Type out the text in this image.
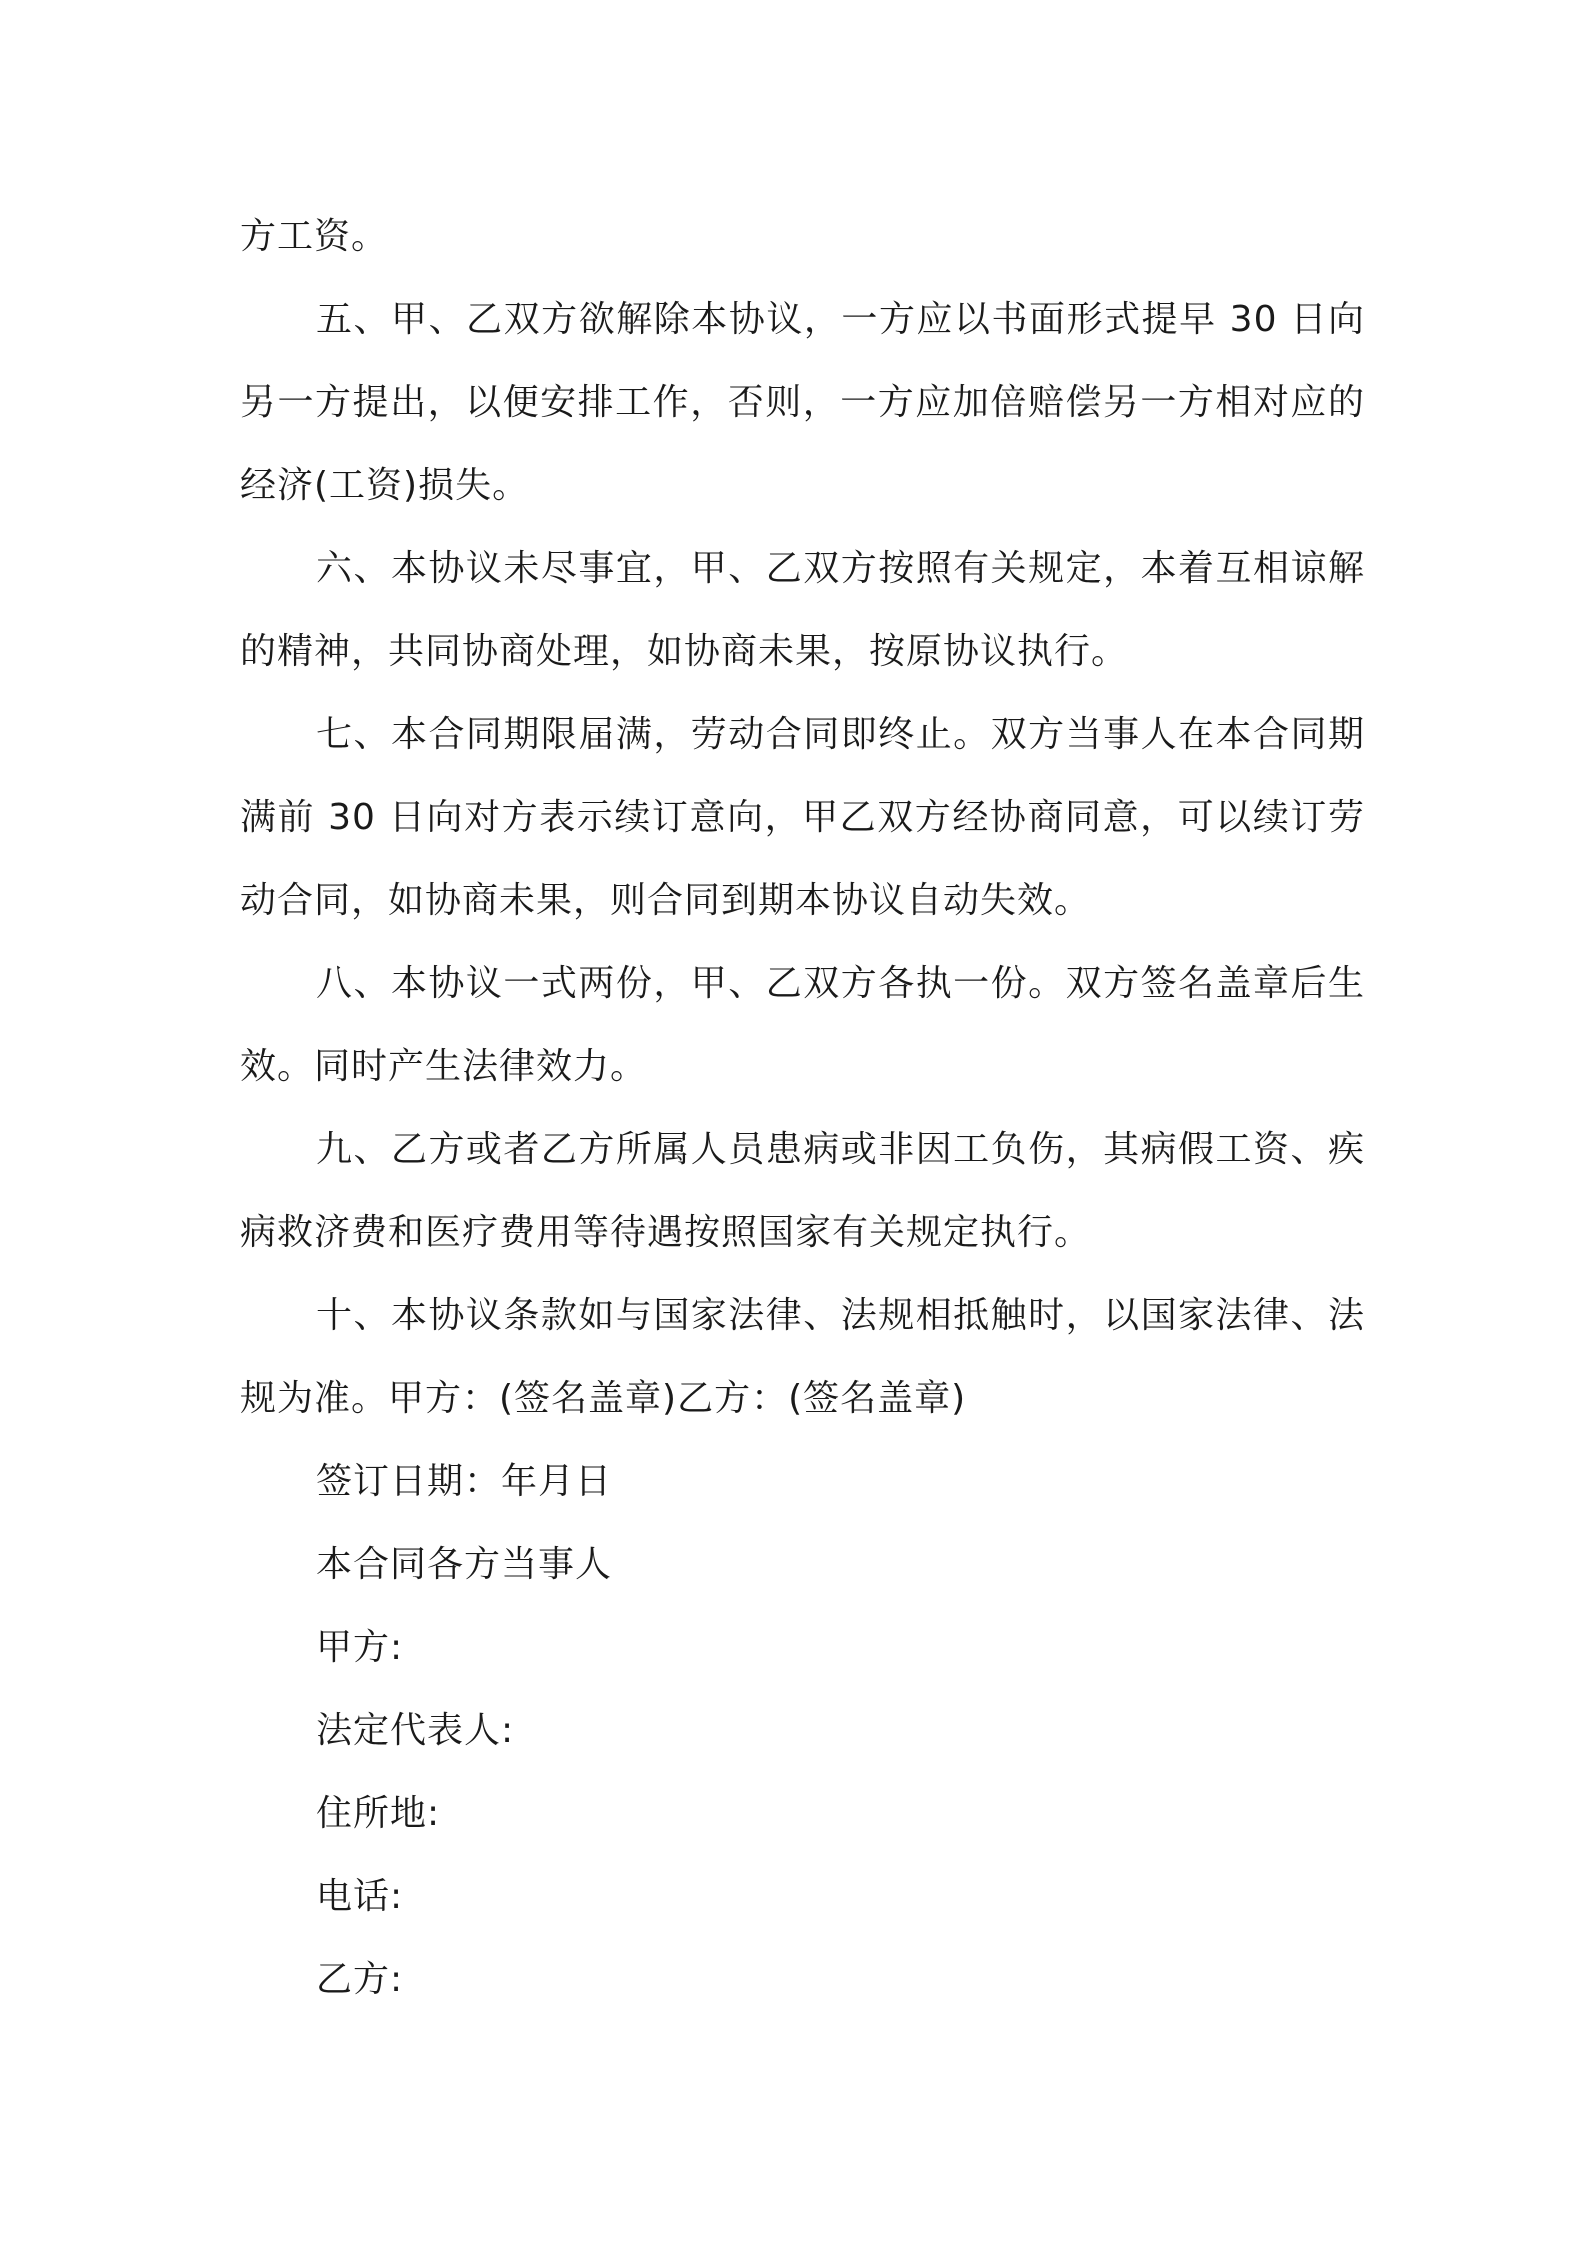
方工资。

五、甲、乙双方欲解除本协议，一方应以书面形式提早 30 日向另一方提出，以便安排工作，否则，一方应加倍赔偿另一方相对应的经济(工资)损失。

六、本协议未尽事宜，甲、乙双方按照有关规定，本着互相谅解的精神，共同协商处理，如协商未果，按原协议执行。

七、本合同期限届满，劳动合同即终止。双方当事人在本合同期满前 30 日向对方表示续订意向，甲乙双方经协商同意，可以续订劳动合同，如协商未果，则合同到期本协议自动失效。

八、本协议一式两份，甲、乙双方各执一份。双方签名盖章后生效。同时产生法律效力。

九、乙方或者乙方所属人员患病或非因工负伤，其病假工资、疾病救济费和医疗费用等待遇按照国家有关规定执行。

十、本协议条款如与国家法律、法规相抵触时，以国家法律、法规为准。甲方：(签名盖章)乙方：(签名盖章)

签订日期：年月日

本合同各方当事人

甲方:

法定代表人:

住所地:

电话:

乙方:
